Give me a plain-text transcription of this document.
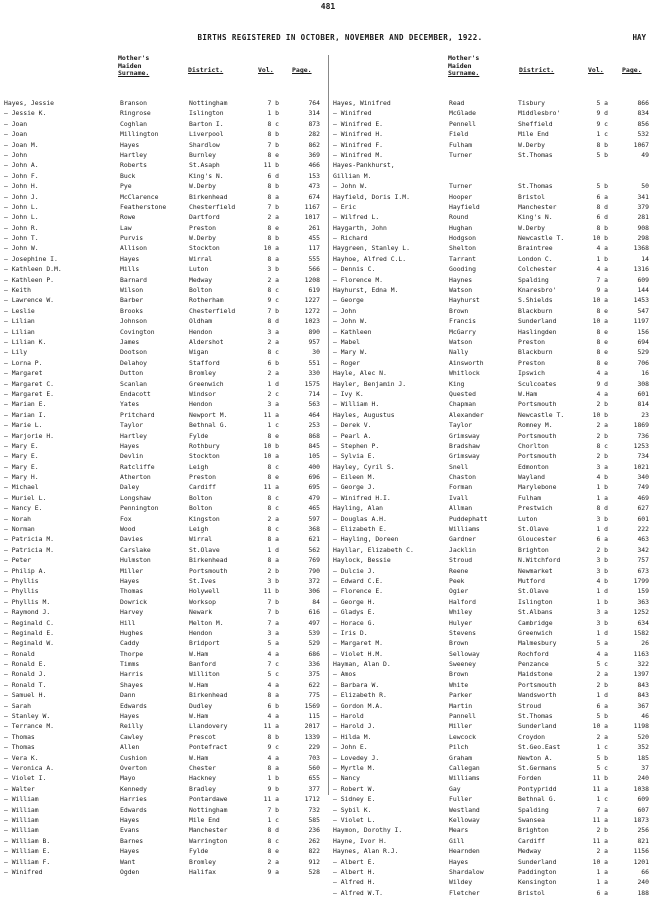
481
BIRTHS REGISTERED IN OCTOBER, NOVEMBER AND DECEMBER, 1922.	HAY
Mother's
Maiden
Surname.	District.	Vol.	Page.
Mother's
Maiden
Surname.	District.	Vol.	Page.
Hayes, Jessie	Branson	Nottingham	7 b	764
— Jessie K.	Ringrose	Islington	1 b	314
— Joan	Coghlan	Barton I.	8 c	873
— Joan	Millington	Liverpool	8 b	282
— Joan M.	Hayes	Shardlow	7 b	862
— John	Hartley	Burnley	8 e	369
— John A.	Roberts	St.Asaph	11 b	466
— John F.	Buck	King's N.	6 d	153
— John H.	Pye	W.Derby	8 b	473
— John J.	McClarence	Birkenhead	8 a	674
— John L.	Featherstone	Chesterfield	7 b	1167
— John L.	Rowe	Dartford	2 a	1017
— John R.	Law	Preston	8 e	261
— John T.	Purvis	W.Derby	8 b	455
— John W.	Allison	Stockton	10 a	117
— Josephine I.	Hayes	Wirral	8 a	555
— Kathleen D.M.	Mills	Luton	3 b	566
— Kathleen P.	Barnard	Medway	2 a	1208
— Keith	Wilson	Bolton	8 c	619
— Lawrence W.	Barber	Rotherham	9 c	1227
— Leslie	Brooks	Chesterfield	7 b	1272
— Lilian	Johnson	Oldham	8 d	1023
— Lilian	Covington	Hendon	3 a	890
— Lilian K.	James	Aldershot	2 a	957
— Lily	Dootson	Wigan	8 c	30
— Lorna P.	Delahoy	Stafford	6 b	551
— Margaret	Dutton	Bromley	2 a	330
— Margaret C.	Scanlan	Greenwich	1 d	1575
— Margaret E.	Endacott	Windsor	2 c	714
— Marian E.	Yates	Hendon	3 a	563
— Marian I.	Pritchard	Newport M.	11 a	464
— Marie L.	Taylor	Bethnal G.	1 c	253
— Marjorie H.	Hartley	Fylde	8 e	868
— Mary E.	Hayes	Rothbury	10 b	845
— Mary E.	Devlin	Stockton	10 a	105
— Mary E.	Ratcliffe	Leigh	8 c	400
— Mary H.	Atherton	Preston	8 e	696
— Michael	Daley	Cardiff	11 a	695
— Muriel L.	Longshaw	Bolton	8 c	479
— Nancy E.	Pennington	Bolton	8 c	465
— Norah	Fox	Kingston	2 a	597
— Norman	Wood	Leigh	8 c	368
— Patricia M.	Davies	Wirral	8 a	621
— Patricia M.	Carslake	St.Olave	1 d	562
— Peter	Hulmston	Birkenhead	8 a	769
— Philip A.	Miller	Portsmouth	2 b	790
— Phyllis	Hayes	St.Ives	3 b	372
— Phyllis	Thomas	Holywell	11 b	306
— Phyllis M.	Dowrick	Worksop	7 b	84
— Raymond J.	Harvey	Newark	7 b	616
— Reginald C.	Hill	Melton M.	7 a	497
— Reginald E.	Hughes	Hendon	3 a	539
— Reginald W.	Caddy	Bridport	5 a	529
— Ronald	Thorpe	W.Ham	4 a	686
— Ronald E.	Timms	Banford	7 c	336
— Ronald J.	Harris	Williton	5 c	375
— Ronald T.	Shayes	W.Ham	4 a	622
— Samuel H.	Dann	Birkenhead	8 a	775
— Sarah	Edwards	Dudley	6 b	1569
— Stanley W.	Hayes	W.Ham	4 a	115
— Terrance M.	Reilly	Llandovery	11 a	2017
— Thomas	Cawley	Prescot	8 b	1339
— Thomas	Allen	Pontefract	9 c	229
— Vera K.	Cushion	W.Ham	4 a	703
— Veronica A.	Overton	Chester	8 a	560
— Violet I.	Mayo	Hackney	1 b	655
— Walter	Kennedy	Bradley	9 b	377
— William	Harries	Pontardawe	11 a	1712
— William	Edwards	Nottingham	7 b	732
— William	Hayes	Mile End	1 c	585
— William	Evans	Manchester	8 d	236
— William B.	Barnes	Warrington	8 c	262
— William E.	Hayes	Fylde	8 e	822
— William F.	Want	Bromley	2 a	912
— Winifred	Ogden	Halifax	9 a	528
Hayes, Winifred	Read	Tisbury	5 a	866
— Winifred	McGlade	Middlesbro'	9 d	834
— Winifred E.	Pennell	Sheffield	9 c	856
— Winifred H.	Field	Mile End	1 c	532
— Winifred F.	Fulham	W.Derby	8 b	1067
— Winifred M.	Turner	St.Thomas	5 b	49
Hayes-Pankhurst,
Gillian M.
— John W.	Turner	St.Thomas	5 b	50
Hayfield, Doris I.M.	Hooper	Bristol	6 a	341
— Eric	Hayfield	Manchester	8 d	379
— Wilfred L.	Round	King's N.	6 d	281
Haygarth, John	Hughan	W.Derby	8 b	908
— Richard	Hodgson	Newcastle T.	10 b	298
Haygreen, Stanley L.	Shelton	Braintree	4 a	1368
Hayhoe, Alfred C.L.	Tarrant	London C.	1 b	14
— Dennis C.	Gooding	Colchester	4 a	1316
— Florence M.	Haynes	Spalding	7 a	609
Hayhurst, Edna M.	Watson	Knaresbro'	9 a	144
— George	Hayhurst	S.Shields	10 a	1453
— John	Brown	Blackburn	8 e	547
— John W.	Francis	Sunderland	10 a	1197
— Kathleen	McGarry	Haslingden	8 e	156
— Mabel	Watson	Preston	8 e	694
— Mary W.	Nally	Blackburn	8 e	529
— Roger	Ainsworth	Preston	8 e	706
Hayle, Alec N.	Whitlock	Ipswich	4 a	16
Hayler, Benjamin J.	King	Sculcoates	9 d	308
— Ivy K.	Quested	W.Ham	4 a	601
— William H.	Chapman	Portsmouth	2 b	814
Hayles, Augustus	Alexander	Newcastle T.	10 b	23
— Derek V.	Taylor	Romney M.	2 a	1869
— Pearl A.	Grimsway	Portsmouth	2 b	736
— Stephen P.	Bradshaw	Chorlton	8 c	1253
— Sylvia E.	Grimsway	Portsmouth	2 b	734
Hayley, Cyril S.	Snell	Edmonton	3 a	1021
— Eileen M.	Chaston	Wayland	4 b	340
— George J.	Forman	Marylebone	1 b	749
— Winifred H.I.	Ivall	Fulham	1 a	469
Hayling, Alan	Allman	Prestwich	8 d	627
— Douglas A.H.	Puddephatt	Luton	3 b	601
— Elizabeth E.	Williams	St.Olave	1 d	222
— Hayling, Doreen	Gardner	Gloucester	6 a	463
Hayllar, Elizabeth C.	Jacklin	Brighton	2 b	342
Haylock, Bessie	Stroud	N.Witchford	3 b	757
— Dulcie J.	Reene	Newmarket	3 b	673
— Edward C.E.	Peek	Mutford	4 b	1799
— Florence E.	Ogier	St.Olave	1 d	159
— George H.	Halford	Islington	1 b	363
— Gladys E.	Whiley	St.Albans	3 a	1252
— Horace G.	Hulyer	Cambridge	3 b	634
— Iris D.	Stevens	Greenwich	1 d	1582
— Margaret M.	Brown	Malmesbury	5 a	26
— Violet H.M.	Selloway	Rochford	4 a	1163
Hayman, Alan D.	Sweeney	Penzance	5 c	322
— Amos	Brown	Maidstone	2 a	1397
— Barbara W.	White	Portsmouth	2 b	843
— Elizabeth R.	Parker	Wandsworth	1 d	843
— Gordon M.A.	Martin	Stroud	6 a	367
— Harold	Pannell	St.Thomas	5 b	46
— Harold J.	Miller	Sunderland	10 a	1198
— Hilda M.	Lewcock	Croydon	2 a	520
— John E.	Pilch	St.Geo.East	1 c	352
— Lovedey J.	Graham	Newton A.	5 b	185
— Myrtle M.	Callegan	St.Germans	5 c	37
— Nancy	Williams	Forden	11 b	240
— Robert W.	Gay	Pontypridd	11 a	1038
— Sidney E.	Fuller	Bethnal G.	1 c	609
— Sybil K.	Westland	Spalding	7 a	607
— Violet L.	Kelloway	Swansea	11 a	1873
Haymon, Dorothy I.	Mears	Brighton	2 b	256
Hayne, Ivor H.	Gill	Cardiff	11 a	821
Haynes, Alan R.J.	Hearnden	Medway	2 a	1156
— Albert E.	Hayes	Sunderland	10 a	1201
— Albert H.	Shardalow	Paddington	1 a	66
— Alfred H.	Wildey	Kensington	1 a	240
— Alfred W.T.	Fletcher	Bristol	6 a	188
